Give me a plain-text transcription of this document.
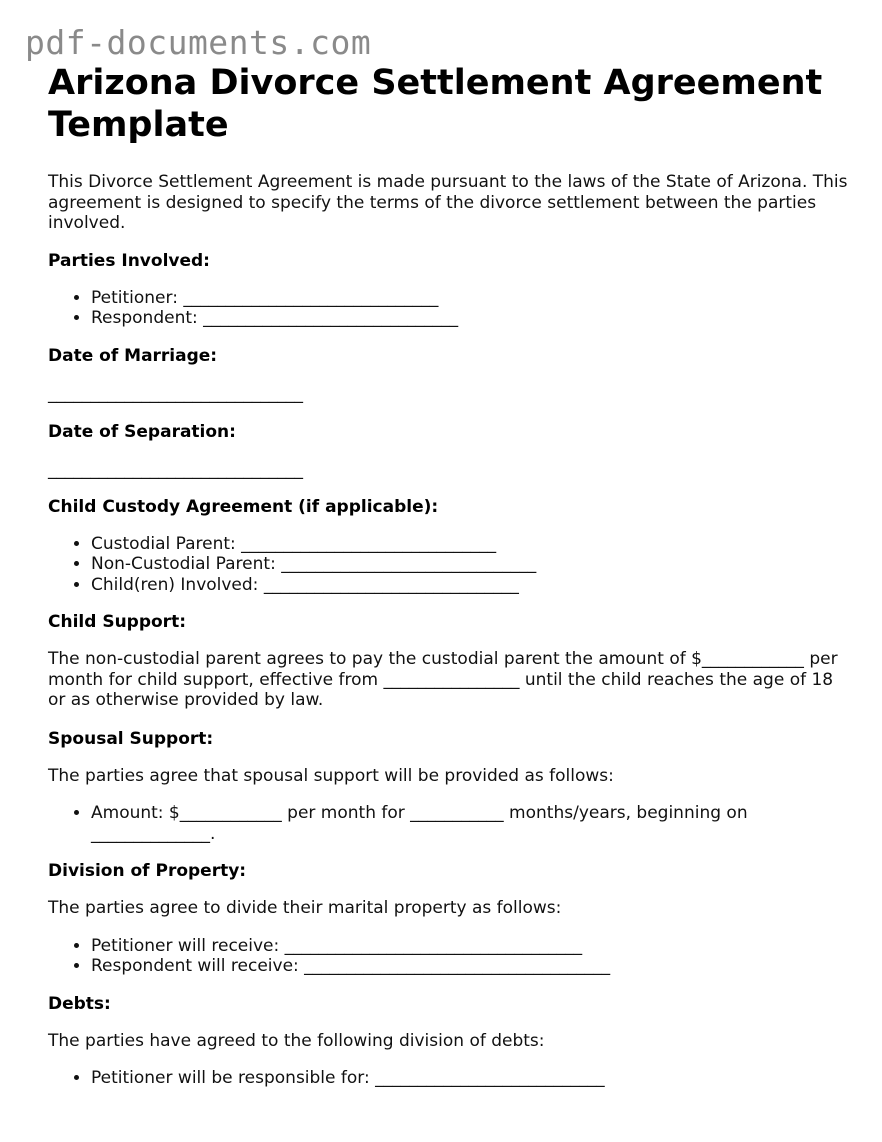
pdf-documents.com
Arizona Divorce Settlement Agreement Template

This Divorce Settlement Agreement is made pursuant to the laws of the State of Arizona. This agreement is designed to specify the terms of the divorce settlement between the parties involved.

Parties Involved:
• Petitioner: ______________________________
• Respondent: ______________________________
Date of Marriage:
______________________________
Date of Separation:
______________________________
Child Custody Agreement (if applicable):
• Custodial Parent: ______________________________
• Non-Custodial Parent: ______________________________
• Child(ren) Involved: ______________________________
Child Support:

The non-custodial parent agrees to pay the custodial parent the amount of $____________ per month for child support, effective from ________________ until the child reaches the age of 18 or as otherwise provided by law.

Spousal Support:

The parties agree that spousal support will be provided as follows:

• Amount: $____________ per month for ___________ months/years, beginning on ______________.
Division of Property:

The parties agree to divide their marital property as follows:

• Petitioner will receive: ___________________________________
• Respondent will receive: ____________________________________
Debts:

The parties have agreed to the following division of debts:

• Petitioner will be responsible for: ___________________________
